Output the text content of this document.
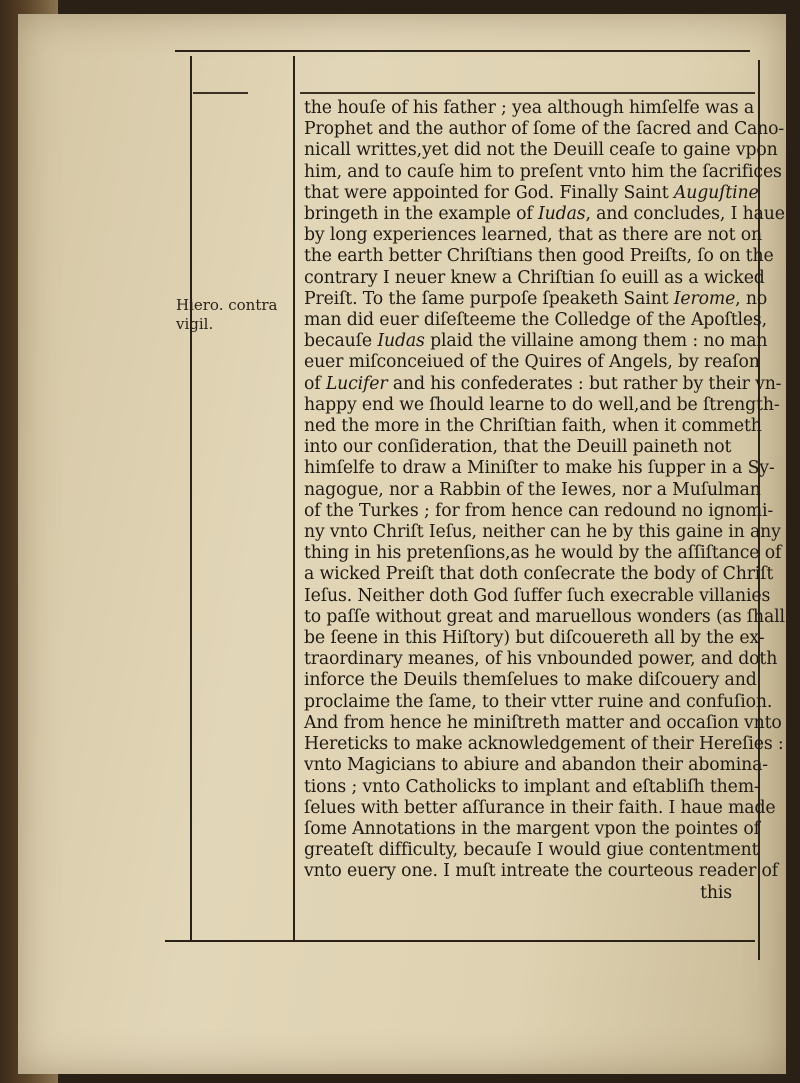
Hiero. contra
vigil.
the houſe of his father ; yea although himſelfe was a
Prophet and the author of ſome of the ſacred and Cano-
nicall writtes,yet did not the Deuill ceaſe to gaine vpon
him, and to cauſe him to preſent vnto him the ſacrifices
that were appointed for God. Finally Saint Auguſtine
bringeth in the example of Iudas, and concludes, I haue
by long experiences learned, that as there are not on
the earth better Chriſtians then good Preiſts, ſo on the
contrary I neuer knew a Chriſtian ſo euill as a wicked
Preiſt. To the ſame purpoſe ſpeaketh Saint Ierome, no
man did euer diſeſteeme the Colledge of the Apoſtles,
becauſe Iudas plaid the villaine among them : no man
euer miſconceiued of the Quires of Angels, by reaſon
of Lucifer and his confederates : but rather by their vn-
happy end we ſhould learne to do well,and be ſtrength-
ned the more in the Chriſtian faith, when it commeth
into our conſideration, that the Deuill paineth not
himſelfe to draw a Miniſter to make his ſupper in a Sy-
nagogue, nor a Rabbin of the Iewes, nor a Muſulman
of the Turkes ; for from hence can redound no ignomi-
ny vnto Chriſt Ieſus, neither can he by this gaine in any
thing in his pretenſions,as he would by the aſſiſtance of
a wicked Preiſt that doth conſecrate the body of Chriſt
Ieſus. Neither doth God ſuffer ſuch execrable villanies
to paſſe without great and maruellous wonders (as ſhall
be ſeene in this Hiſtory) but diſcouereth all by the ex-
traordinary meanes, of his vnbounded power, and doth
inforce the Deuils themſelues to make diſcouery and
proclaime the ſame, to their vtter ruine and confuſion.
And from hence he miniſtreth matter and occaſion vnto
Hereticks to make acknowledgement of their Hereſies :
vnto Magicians to abiure and abandon their abomina-
tions ; vnto Catholicks to implant and eſtabliſh them-
ſelues with better aſſurance in their faith. I haue made
ſome Annotations in the margent vpon the pointes of
greateſt difficulty, becauſe I would giue contentment
vnto euery one. I muſt intreate the courteous reader of
this
